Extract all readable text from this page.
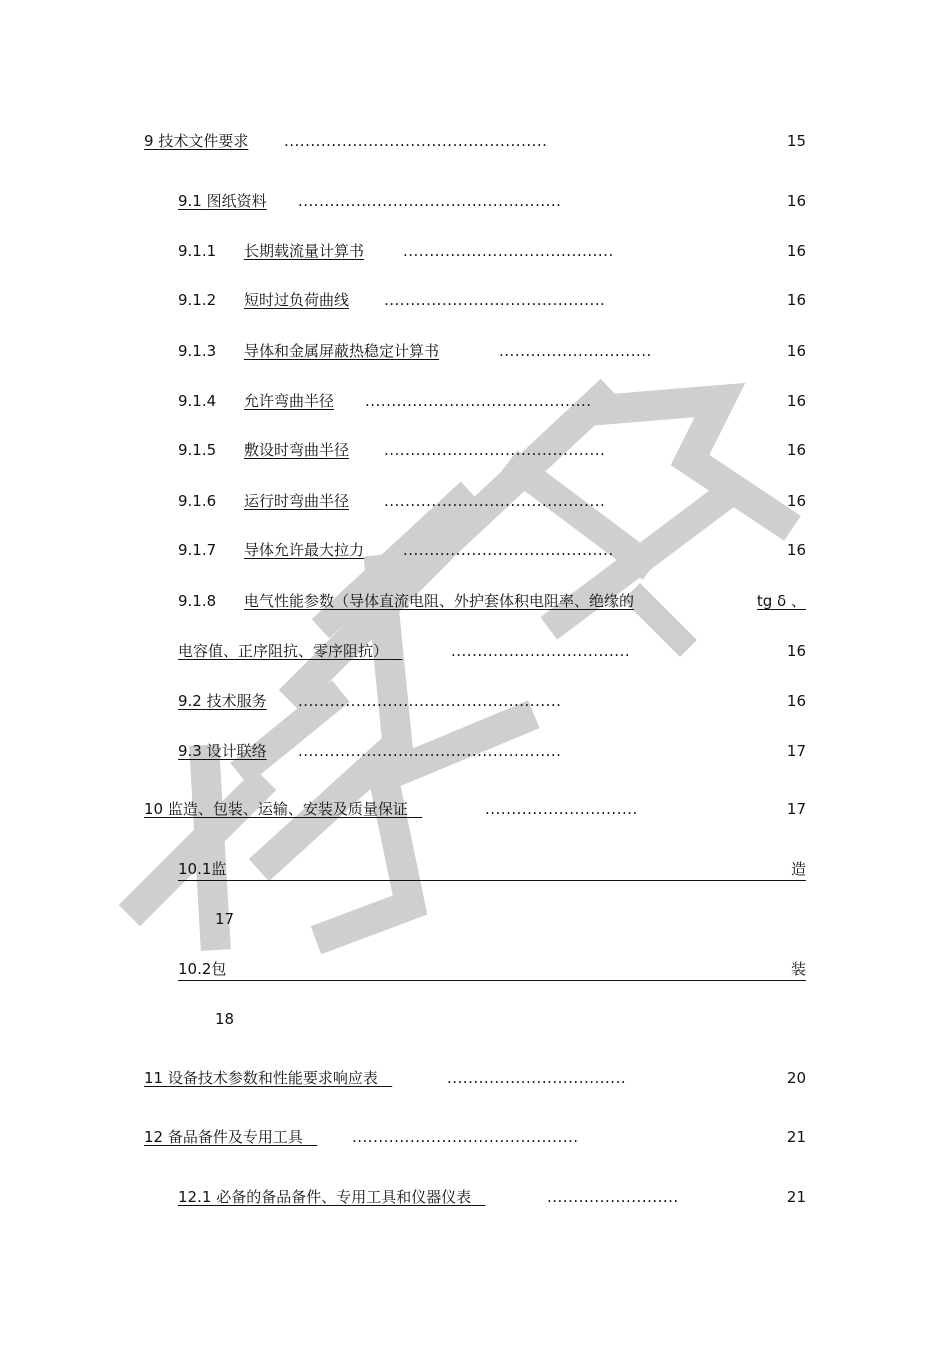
9 技术文件要求 ..................................................	15
9.1 图纸资料 ..................................................	16
9.1.1 长期载流量计算书	........................................	16
9.1.2 短时过负荷曲线 ..........................................	16
9.1.3 导体和金属屏蔽热稳定计算书	.............................	16
9.1.4 允许弯曲半径 ...........................................	16
9.1.5 敷设时弯曲半径 ..........................................	16
9.1.6 运行时弯曲半径 ..........................................	16
9.1.7 导体允许最大拉力	........................................	16
9.1.8 电气性能参数（导体直流电阻、外护套体积电阻率、绝缘的	tg δ 、
电容值、正序阻抗、零序阻抗）	..................................	16
9.2 技术服务 ..................................................	16
9.3 设计联络 ..................................................	17
10 监造、包装、运输、安装及质量保证	.............................	17
10.1监	造
17
10.2包	装
18
11 设备技术参数和性能要求响应表	..................................	20
12 备品备件及专用工具	...........................................	21
12.1 必备的备品备件、专用工具和仪器仪表	.........................	21
